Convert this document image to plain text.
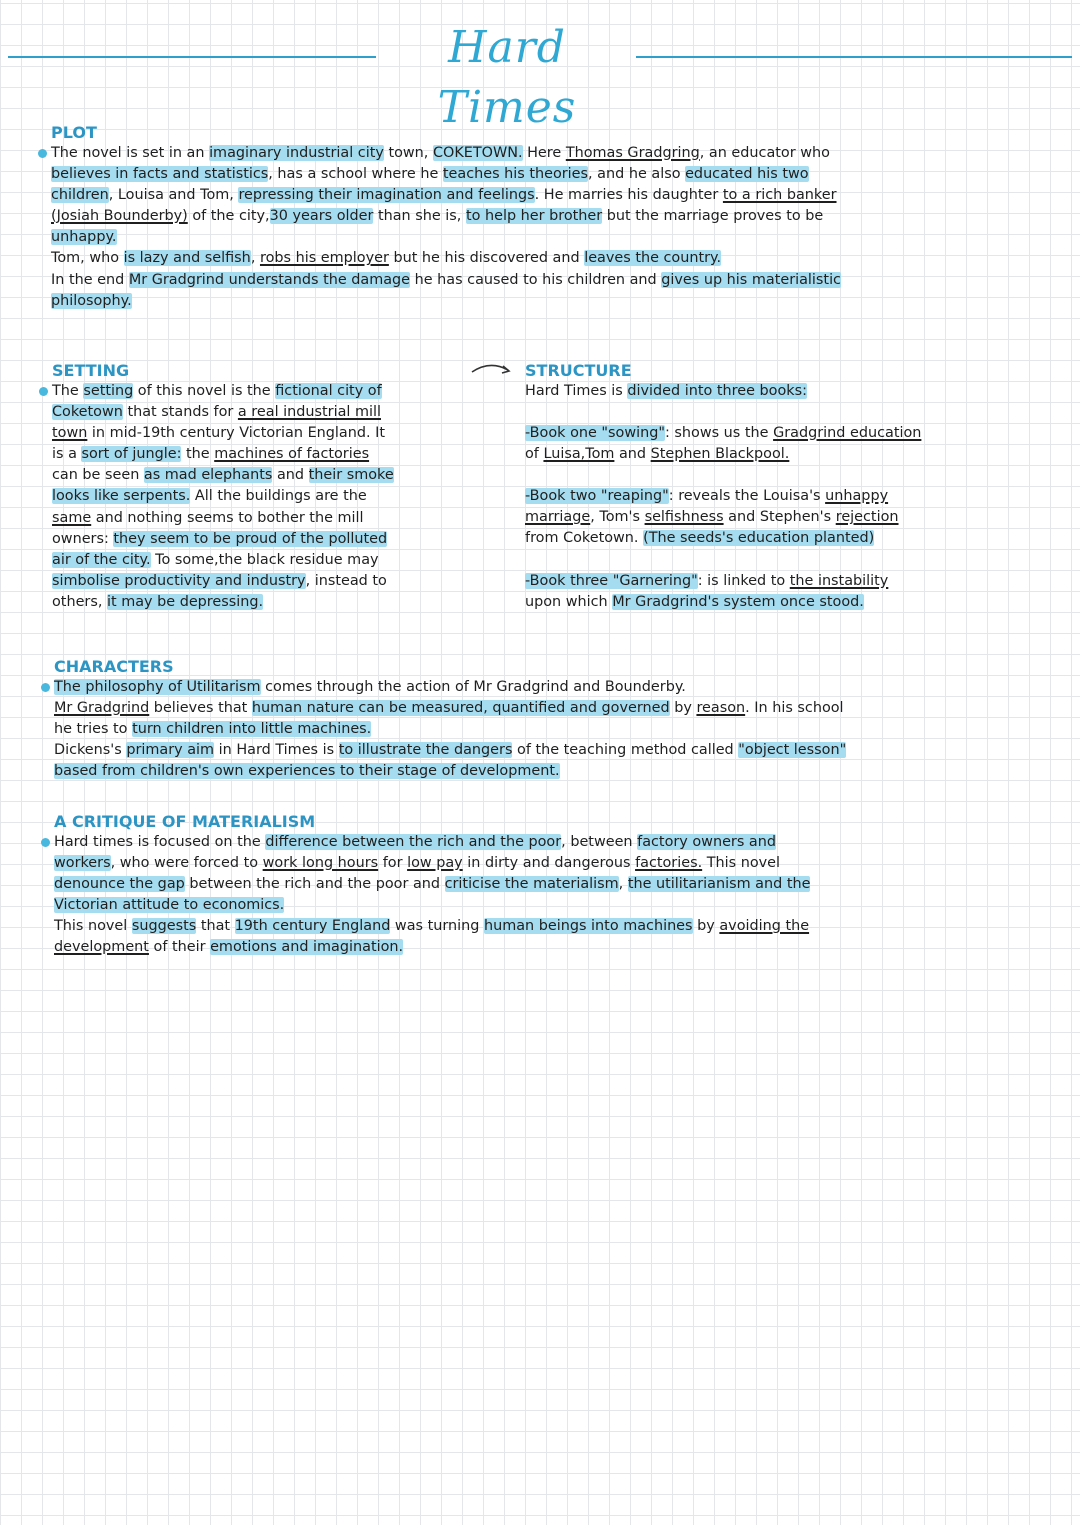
Hard Times

PLOT

The novel is set in an imaginary industrial city town, COKETOWN. Here Thomas Gradgring, an educator who
believes in facts and statistics, has a school where he teaches his theories, and he also educated his two
children, Louisa and Tom, repressing their imagination and feelings. He marries his daughter to a rich banker
(Josiah Bounderby) of the city,30 years older than she is, to help her brother but the marriage proves to be
unhappy.
Tom, who is lazy and selfish, robs his employer but he his discovered and leaves the country.
In the end Mr Gradgrind understands the damage he has caused to his children and gives up his materialistic
philosophy.

SETTING

The setting of this novel is the fictional city of
Coketown that stands for a real industrial mill
town in mid-19th century Victorian England. It
is a sort of jungle: the machines of factories
can be seen as mad elephants and their smoke
looks like serpents. All the buildings are the
same and nothing seems to bother the mill
owners: they seem to be proud of the polluted
air of the city. To some,the black residue may
simbolise productivity and industry, instead to
others, it may be depressing.

STRUCTURE

Hard Times is divided into three books:
-Book one "sowing": shows us the Gradgrind education
of Luisa,Tom and Stephen Blackpool.
-Book two "reaping": reveals the Louisa's unhappy
marriage, Tom's selfishness and Stephen's rejection
from Coketown. (The seeds's education planted)
-Book three "Garnering": is linked to the instability
upon which Mr Gradgrind's system once stood.

CHARACTERS

The philosophy of Utilitarism comes through the action of Mr Gradgrind and Bounderby.
Mr Gradgrind believes that human nature can be measured, quantified and governed by reason. In his school
he tries to turn children into little machines.
Dickens's primary aim in Hard Times is to illustrate the dangers of the teaching method called "object lesson"
based from children's own experiences to their stage of development.

A CRITIQUE OF MATERIALISM

Hard times is focused on the difference between the rich and the poor, between factory owners and
workers, who were forced to work long hours for low pay in dirty and dangerous factories. This novel
denounce the gap between the rich and the poor and criticise the materialism, the utilitarianism and the
Victorian attitude to economics.
This novel suggests that 19th century England was turning human beings into machines by avoiding the
development of their emotions and imagination.
